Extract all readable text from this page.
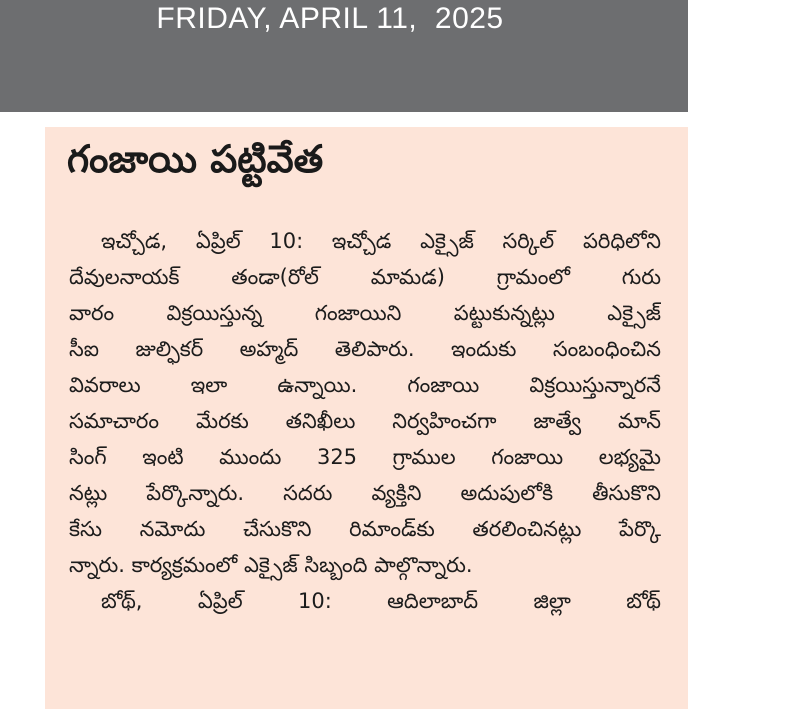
FRIDAY, APRIL 11,  2025
గంజాయి పట్టివేత
ఇచ్చోడ, ఏప్రిల్ 10: ఇచ్చోడ ఎక్సైజ్ సర్కిల్ పరిధిలోని
దేవులనాయక్ తండా(రోల్ మామడ) గ్రామంలో గురు
వారం విక్రయిస్తున్న గంజాయిని పట్టుకున్నట్లు ఎక్సైజ్
సీఐ జుల్ఫికర్ అహ్మద్ తెలిపారు. ఇందుకు సంబంధించిన
వివరాలు ఇలా ఉన్నాయి. గంజాయి విక్రయిస్తున్నారనే
సమాచారం మేరకు తనిఖీలు నిర్వహించగా జాత్వే మాన్
సింగ్ ఇంటి ముందు 325 గ్రాముల గంజాయి లభ్యమై
నట్లు పేర్కొన్నారు. సదరు వ్యక్తిని అదుపులోకి తీసుకొని
కేసు నమోదు చేసుకొని రిమాండ్‌కు తరలించినట్లు పేర్కొ
న్నారు. కార్యక్రమంలో ఎక్సైజ్ సిబ్బంది పాల్గొన్నారు.
బోథ్, ఏప్రిల్ 10: ఆదిలాబాద్ జిల్లా బోథ్
